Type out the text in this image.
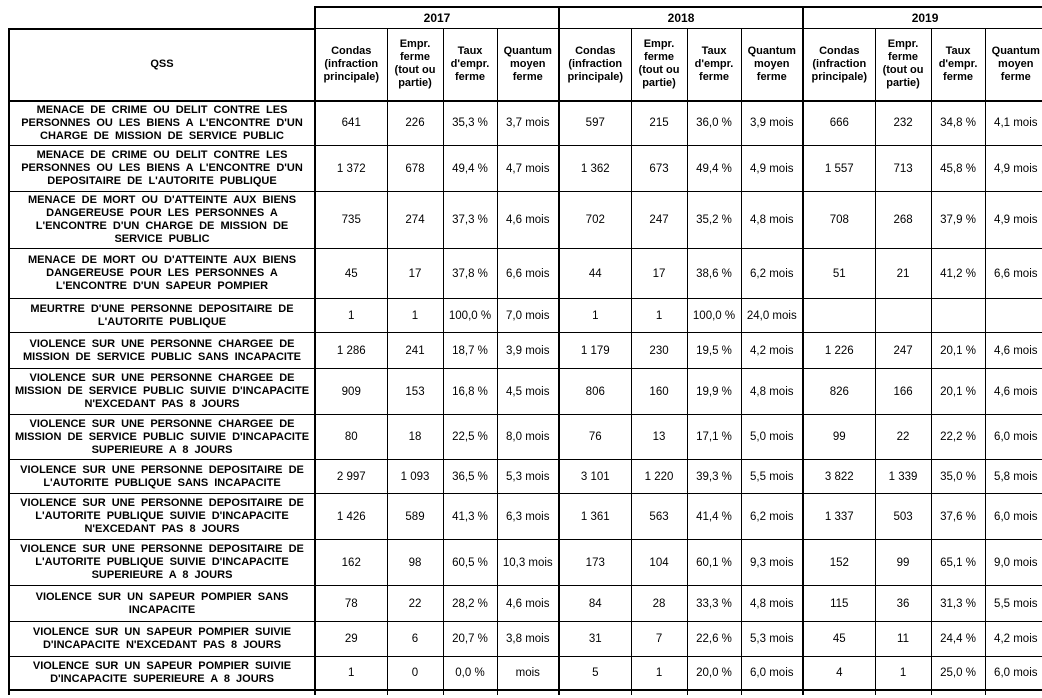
	2017				2018				2019			
QSS	Condas (infraction principale)	Empr. ferme (tout ou partie)	Taux d'empr. ferme	Quantum moyen ferme	Condas (infraction principale)	Empr. ferme (tout ou partie)	Taux d'empr. ferme	Quantum moyen ferme	Condas (infraction principale)	Empr. ferme (tout ou partie)	Taux d'empr. ferme	Quantum moyen ferme
MENACE DE CRIME OU DELIT CONTRE LES PERSONNES OU LES BIENS A L'ENCONTRE D'UN CHARGE DE MISSION DE SERVICE PUBLIC	641	226	35,3 %	3,7 mois	597	215	36,0 %	3,9 mois	666	232	34,8 %	4,1 mois
MENACE DE CRIME OU DELIT CONTRE LES PERSONNES OU LES BIENS A L'ENCONTRE D'UN DEPOSITAIRE DE L'AUTORITE PUBLIQUE	1 372	678	49,4 %	4,7 mois	1 362	673	49,4 %	4,9 mois	1 557	713	45,8 %	4,9 mois
MENACE DE MORT OU D'ATTEINTE AUX BIENS DANGEREUSE POUR LES PERSONNES A L'ENCONTRE D'UN CHARGE DE MISSION DE SERVICE PUBLIC	735	274	37,3 %	4,6 mois	702	247	35,2 %	4,8 mois	708	268	37,9 %	4,9 mois
MENACE DE MORT OU D'ATTEINTE AUX BIENS DANGEREUSE POUR LES PERSONNES A L'ENCONTRE D'UN SAPEUR POMPIER	45	17	37,8 %	6,6 mois	44	17	38,6 %	6,2 mois	51	21	41,2 %	6,6 mois
MEURTRE D'UNE PERSONNE DEPOSITAIRE DE L'AUTORITE PUBLIQUE	1	1	100,0 %	7,0 mois	1	1	100,0 %	24,0 mois				
VIOLENCE SUR UNE PERSONNE CHARGEE DE MISSION DE SERVICE PUBLIC SANS INCAPACITE	1 286	241	18,7 %	3,9 mois	1 179	230	19,5 %	4,2 mois	1 226	247	20,1 %	4,6 mois
VIOLENCE SUR UNE PERSONNE CHARGEE DE MISSION DE SERVICE PUBLIC SUIVIE D'INCAPACITE N'EXCEDANT PAS 8 JOURS	909	153	16,8 %	4,5 mois	806	160	19,9 %	4,8 mois	826	166	20,1 %	4,6 mois
VIOLENCE SUR UNE PERSONNE CHARGEE DE MISSION DE SERVICE PUBLIC SUIVIE D'INCAPACITE SUPERIEURE A 8 JOURS	80	18	22,5 %	8,0 mois	76	13	17,1 %	5,0 mois	99	22	22,2 %	6,0 mois
VIOLENCE SUR UNE PERSONNE DEPOSITAIRE DE L'AUTORITE PUBLIQUE SANS INCAPACITE	2 997	1 093	36,5 %	5,3 mois	3 101	1 220	39,3 %	5,5 mois	3 822	1 339	35,0 %	5,8 mois
VIOLENCE SUR UNE PERSONNE DEPOSITAIRE DE L'AUTORITE PUBLIQUE SUIVIE D'INCAPACITE N'EXCEDANT PAS 8 JOURS	1 426	589	41,3 %	6,3 mois	1 361	563	41,4 %	6,2 mois	1 337	503	37,6 %	6,0 mois
VIOLENCE SUR UNE PERSONNE DEPOSITAIRE DE L'AUTORITE PUBLIQUE SUIVIE D'INCAPACITE SUPERIEURE A 8 JOURS	162	98	60,5 %	10,3 mois	173	104	60,1 %	9,3 mois	152	99	65,1 %	9,0 mois
VIOLENCE SUR UN SAPEUR POMPIER SANS INCAPACITE	78	22	28,2 %	4,6 mois	84	28	33,3 %	4,8 mois	115	36	31,3 %	5,5 mois
VIOLENCE SUR UN SAPEUR POMPIER SUIVIE D'INCAPACITE N'EXCEDANT PAS 8 JOURS	29	6	20,7 %	3,8 mois	31	7	22,6 %	5,3 mois	45	11	24,4 %	4,2 mois
VIOLENCE SUR UN SAPEUR POMPIER SUIVIE D'INCAPACITE SUPERIEURE A 8 JOURS	1	0	0,0 %	mois	5	1	20,0 %	6,0 mois	4	1	25,0 %	6,0 mois
